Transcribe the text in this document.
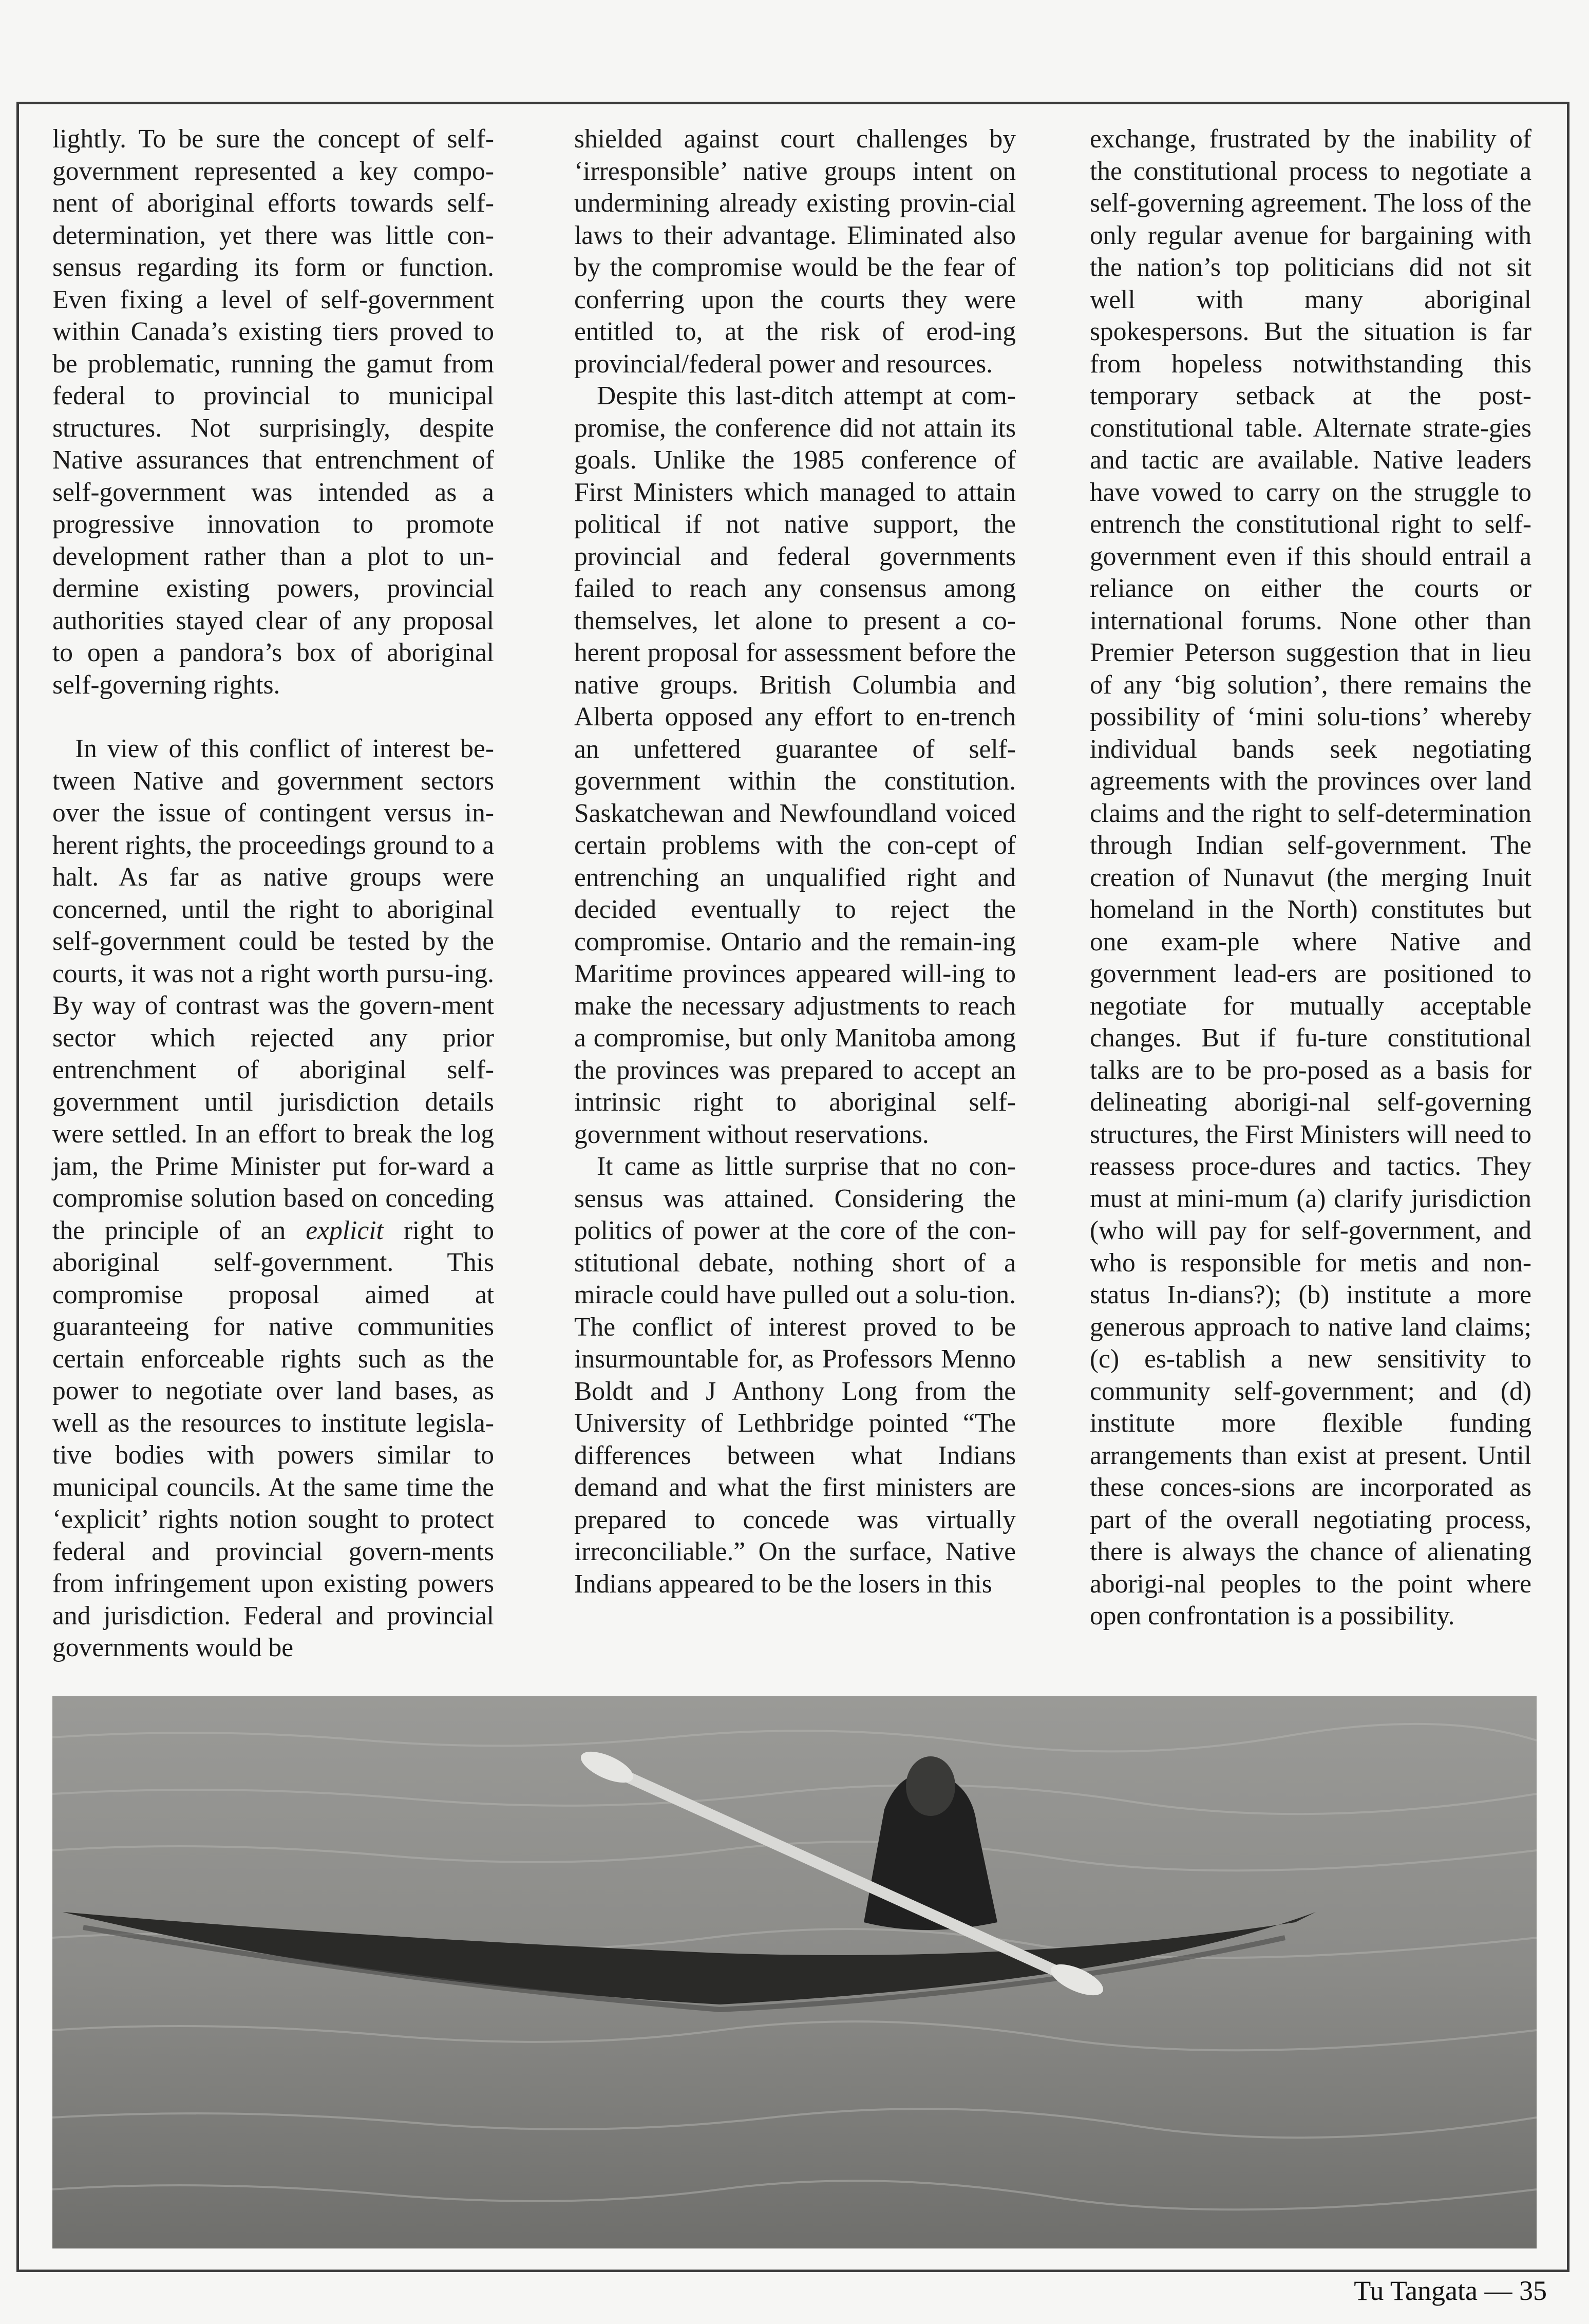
lightly. To be sure the concept of self-government represented a key compo-nent of aboriginal efforts towards self-determination, yet there was little con-sensus regarding its form or function. Even fixing a level of self-government within Canada’s existing tiers proved to be problematic, running the gamut from federal to provincial to municipal structures. Not surprisingly, despite Native assurances that entrenchment of self-government was intended as a progressive innovation to promote development rather than a plot to un-dermine existing powers, provincial authorities stayed clear of any proposal to open a pandora’s box of aboriginal self-governing rights.

In view of this conflict of interest be-tween Native and government sectors over the issue of contingent versus in-herent rights, the proceedings ground to a halt. As far as native groups were concerned, until the right to aboriginal self-government could be tested by the courts, it was not a right worth pursu-ing. By way of contrast was the govern-ment sector which rejected any prior entrenchment of aboriginal self-government until jurisdiction details were settled. In an effort to break the log jam, the Prime Minister put for-ward a compromise solution based on conceding the principle of an explicit right to aboriginal self-government. This compromise proposal aimed at guaranteeing for native communities certain enforceable rights such as the power to negotiate over land bases, as well as the resources to institute legisla-tive bodies with powers similar to municipal councils. At the same time the ‘explicit’ rights notion sought to protect federal and provincial govern-ments from infringement upon existing powers and jurisdiction. Federal and provincial governments would be

shielded against court challenges by ‘irresponsible’ native groups intent on undermining already existing provin-cial laws to their advantage. Eliminated also by the compromise would be the fear of conferring upon the courts they were entitled to, at the risk of erod-ing provincial/federal power and resources.

Despite this last-ditch attempt at com-promise, the conference did not attain its goals. Unlike the 1985 conference of First Ministers which managed to attain political if not native support, the provincial and federal governments failed to reach any consensus among themselves, let alone to present a co-herent proposal for assessment before the native groups. British Columbia and Alberta opposed any effort to en-trench an unfettered guarantee of self-government within the constitution. Saskatchewan and Newfoundland voiced certain problems with the con-cept of entrenching an unqualified right and decided eventually to reject the compromise. Ontario and the remain-ing Maritime provinces appeared will-ing to make the necessary adjustments to reach a compromise, but only Manitoba among the provinces was prepared to accept an intrinsic right to aboriginal self-government without reservations.

It came as little surprise that no con-sensus was attained. Considering the politics of power at the core of the con-stitutional debate, nothing short of a miracle could have pulled out a solu-tion. The conflict of interest proved to be insurmountable for, as Professors Menno Boldt and J Anthony Long from the University of Lethbridge pointed “The differences between what Indians demand and what the first ministers are prepared to concede was virtually irreconciliable.” On the surface, Native Indians appeared to be the losers in this

exchange, frustrated by the inability of the constitutional process to negotiate a self-governing agreement. The loss of the only regular avenue for bargaining with the nation’s top politicians did not sit well with many aboriginal spokespersons. But the situation is far from hopeless notwithstanding this temporary setback at the post-constitutional table. Alternate strate-gies and tactic are available. Native leaders have vowed to carry on the struggle to entrench the constitutional right to self-government even if this should entrail a reliance on either the courts or international forums. None other than Premier Peterson suggestion that in lieu of any ‘big solution’, there remains the possibility of ‘mini solu-tions’ whereby individual bands seek negotiating agreements with the provinces over land claims and the right to self-determination through Indian self-government. The creation of Nunavut (the merging Inuit homeland in the North) constitutes but one exam-ple where Native and government lead-ers are positioned to negotiate for mutually acceptable changes. But if fu-ture constitutional talks are to be pro-posed as a basis for delineating aborigi-nal self-governing structures, the First Ministers will need to reassess proce-dures and tactics. They must at mini-mum (a) clarify jurisdiction (who will pay for self-government, and who is responsible for metis and non-status In-dians?); (b) institute a more generous approach to native land claims; (c) es-tablish a new sensitivity to community self-government; and (d) institute more flexible funding arrangements than exist at present. Until these conces-sions are incorporated as part of the overall negotiating process, there is always the chance of alienating aborigi-nal peoples to the point where open confrontation is a possibility.

Tu Tangata — 35
